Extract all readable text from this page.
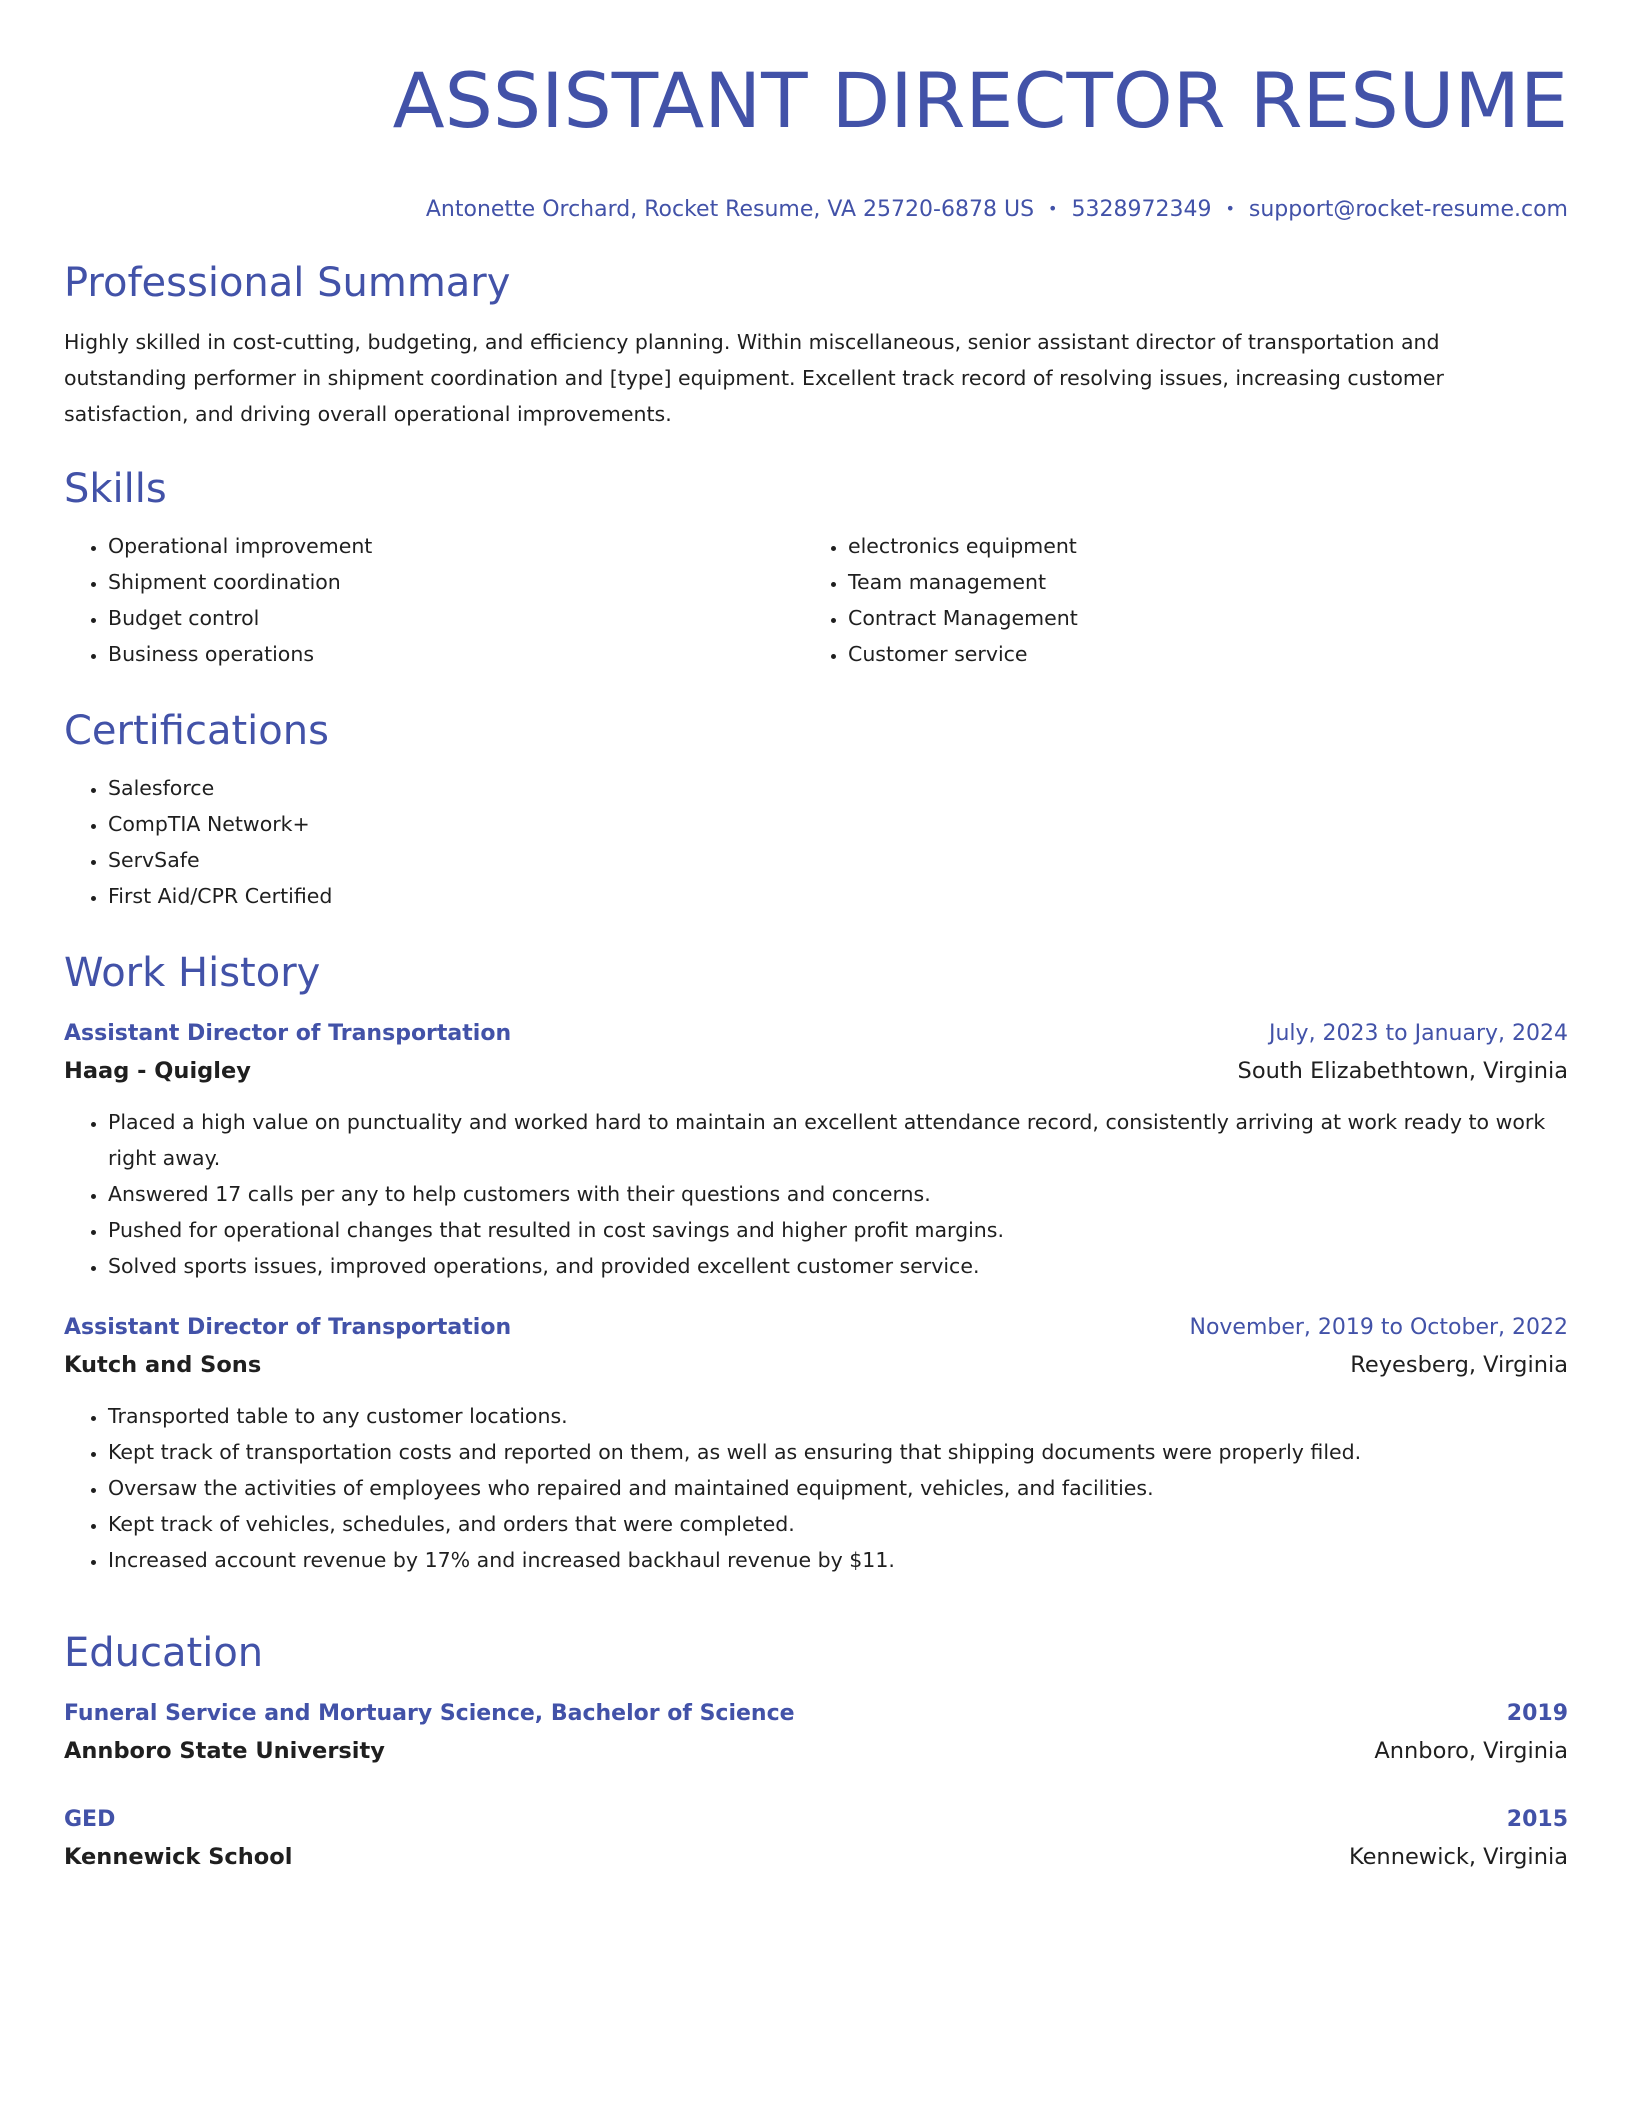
ASSISTANT DIRECTOR RESUME
Antonette Orchard, Rocket Resume, VA 25720-6878 US • 5328972349 • support@rocket-resume.com
Professional Summary

Highly skilled in cost-cutting, budgeting, and efficiency planning. Within miscellaneous, senior assistant director of transportation and outstanding performer in shipment coordination and [type] equipment. Excellent track record of resolving issues, increasing customer satisfaction, and driving overall operational improvements.

Skills
• Operational improvement
• Shipment coordination
• Budget control
• Business operations
• electronics equipment
• Team management
• Contract Management
• Customer service
Certifications
• Salesforce
• CompTIA Network+
• ServSafe
• First Aid/CPR Certified
Work History
Assistant Director of Transportation	July, 2023 to January, 2024
Haag - Quigley	South Elizabethtown, Virginia
• Placed a high value on punctuality and worked hard to maintain an excellent attendance record, consistently arriving at work ready to work right away.
• Answered 17 calls per any to help customers with their questions and concerns.
• Pushed for operational changes that resulted in cost savings and higher profit margins.
• Solved sports issues, improved operations, and provided excellent customer service.
Assistant Director of Transportation	November, 2019 to October, 2022
Kutch and Sons	Reyesberg, Virginia
• Transported table to any customer locations.
• Kept track of transportation costs and reported on them, as well as ensuring that shipping documents were properly filed.
• Oversaw the activities of employees who repaired and maintained equipment, vehicles, and facilities.
• Kept track of vehicles, schedules, and orders that were completed.
• Increased account revenue by 17% and increased backhaul revenue by $11.
Education
Funeral Service and Mortuary Science, Bachelor of Science	2019
Annboro State University	Annboro, Virginia
GED	2015
Kennewick School	Kennewick, Virginia
